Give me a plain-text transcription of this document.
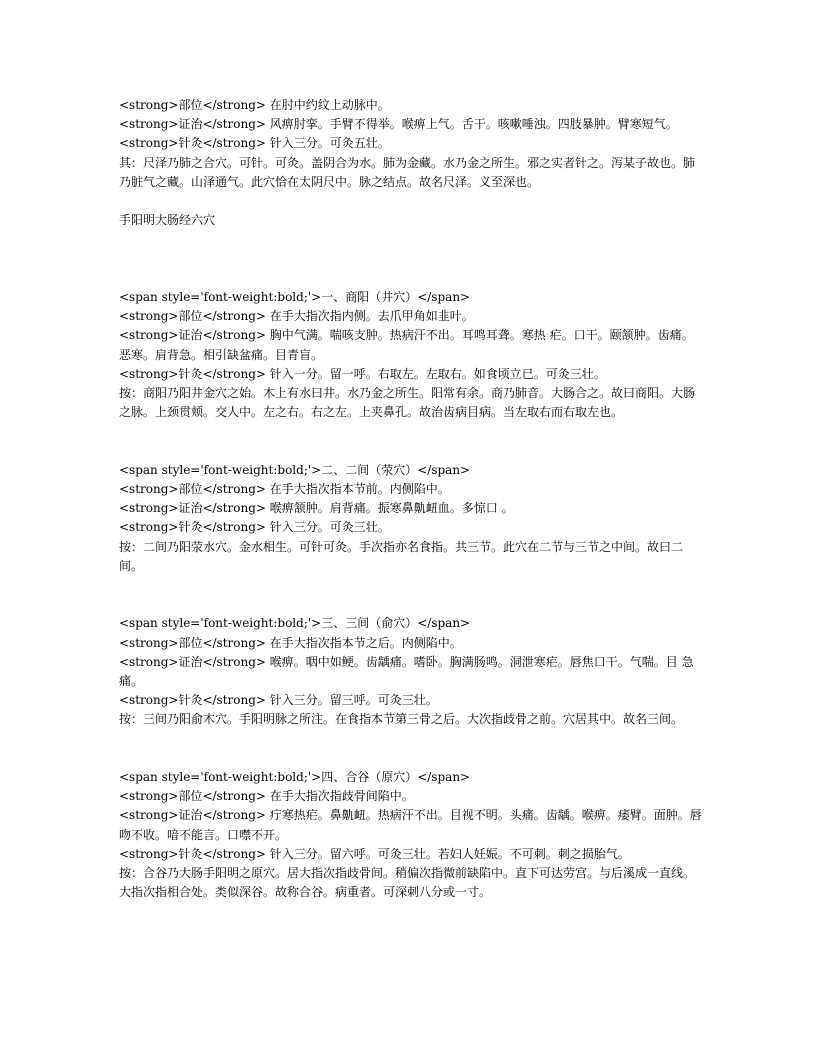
<strong>部位</strong> 在肘中约纹上动脉中。

<strong>证治</strong> 风痹肘挛。手臂不得举。喉痹上气。舌干。咳嗽唾浊。四肢暴肿。臂寒短气。

<strong>针灸</strong> 针入三分。可灸五壮。

其：尺泽乃肺之合穴。可针。可灸。盖阴合为水。肺为金藏。水乃金之所生。邪之实者针之。泻某子故也。肺乃脏气之藏。山泽通气。此穴恰在太阴尺中。脉之结点。故名尺泽。义至深也。

手阳明大肠经六穴

<span style='font-weight:bold;'>一、商阳（井穴）</span>

<strong>部位</strong> 在手大指次指内侧。去爪甲角如韭叶。

<strong>证治</strong> 胸中气满。喘咳支肿。热病汗不出。耳鸣耳聋。寒热 疟。口干。颐颔肿。齿痛。恶寒。肩背急。相引缺盆痛。目青盲。

<strong>针灸</strong> 针入一分。留一呼。右取左。左取右。如食顷立已。可灸三壮。

按：商阳乃阳井金穴之始。木上有水曰井。水乃金之所生。阳常有余。商乃肺音。大肠合之。故曰商阳。大肠之脉。上颈贯颊。交人中。左之右。右之左。上夹鼻孔。故治齿病目病。当左取右而右取左也。

<span style='font-weight:bold;'>二、二间（荥穴）</span>

<strong>部位</strong> 在手大指次指本节前。内侧陷中。

<strong>证治</strong> 喉痹颔肿。肩背痛。振寒鼻鼽衄血。多惊口 。

<strong>针灸</strong> 针入三分。可灸三壮。

按：二间乃阳荥水穴。金水相生。可针可灸。手次指亦名食指。共三节。此穴在二节与三节之中间。故曰二间。

<span style='font-weight:bold;'>三、三间（俞穴）</span>

<strong>部位</strong> 在手大指次指本节之后。内侧陷中。

<strong>证治</strong> 喉痹。咽中如鲠。齿龋痛。嗜卧。胸满肠鸣。洞泄寒疟。唇焦口干。气喘。目 急痛。

<strong>针灸</strong> 针入三分。留三呼。可灸三壮。

按：三间乃阳俞木穴。手阳明脉之所注。在食指本节第三骨之后。大次指歧骨之前。穴居其中。故名三间。

<span style='font-weight:bold;'>四、合谷（原穴）</span>

<strong>部位</strong> 在手大指次指歧骨间陷中。

<strong>证治</strong> 疔寒热疟。鼻鼽衄。热病汗不出。目视不明。头痛。齿龋。喉痹。痿臂。面肿。唇吻不收。喑不能言。口噤不开。

<strong>针灸</strong> 针入三分。留六呼。可灸三壮。若妇人妊娠。不可刺。刺之损胎气。

按：合谷乃大肠手阳明之原穴。居大指次指歧骨间。稍偏次指微前缺陷中。直下可达劳宫。与后溪成一直线。大指次指相合处。类似深谷。故称合谷。病重者。可深刺八分或一寸。
